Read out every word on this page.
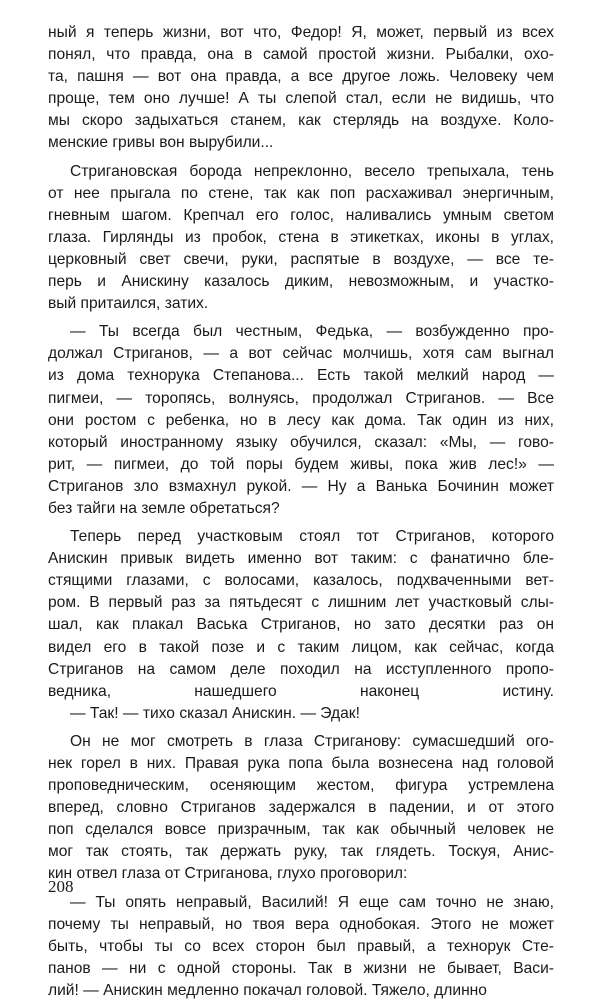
ный я теперь жизни, вот что, Федор! Я, может, первый из всех
понял, что правда, она в самой простой жизни. Рыбалки, охо-
та, пашня — вот она правда, а все другое ложь. Человеку чем
проще, тем оно лучше! А ты слепой стал, если не видишь, что
мы скоро задыхаться станем, как стерлядь на воздухе. Коло-
менские гривы вон вырубили...
Стригановская борода непреклонно, весело трепыхала, тень
от нее прыгала по стене, так как поп расхаживал энергичным,
гневным шагом. Крепчал его голос, наливались умным светом
глаза. Гирлянды из пробок, стена в этикетках, иконы в углах,
церковный свет свечи, руки, распятые в воздухе, — все те-
перь и Анискину казалось диким, невозможным, и участко-
вый притаился, затих.
— Ты всегда был честным, Федька, — возбужденно про-
должал Стриганов, — а вот сейчас молчишь, хотя сам выгнал
из дома технорука Степанова... Есть такой мелкий народ —
пигмеи, — торопясь, волнуясь, продолжал Стриганов. — Все
они ростом с ребенка, но в лесу как дома. Так один из них,
который иностранному языку обучился, сказал: «Мы, — гово-
рит, — пигмеи, до той поры будем живы, пока жив лес!» —
Стриганов зло взмахнул рукой. — Ну а Ванька Бочинин может
без тайги на земле обретаться?
Теперь перед участковым стоял тот Стриганов, которого
Анискин привык видеть именно вот таким: с фанатично бле-
стящими глазами, с волосами, казалось, подхваченными вет-
ром. В первый раз за пятьдесят с лишним лет участковый слы-
шал, как плакал Васька Стриганов, но зато десятки раз он
видел его в такой позе и с таким лицом, как сейчас, когда
Стриганов на самом деле походил на исступленного пропо-
ведника, нашедшего наконец истину.
— Так! — тихо сказал Анискин. — Эдак!
Он не мог смотреть в глаза Стриганову: сумасшедший ого-
нек горел в них. Правая рука попа была вознесена над головой
проповедническим, осеняющим жестом, фигура устремлена
вперед, словно Стриганов задержался в падении, и от этого
поп сделался вовсе призрачным, так как обычный человек не
мог так стоять, так держать руку, так глядеть. Тоскуя, Анис-
кин отвел глаза от Стриганова, глухо проговорил:
— Ты опять неправый, Василий! Я еще сам точно не знаю,
почему ты неправый, но твоя вера однобокая. Этого не может
быть, чтобы ты со всех сторон был правый, а технорук Сте-
панов — ни с одной стороны. Так в жизни не бывает, Васи-
лий! — Анискин медленно покачал головой. Тяжело, длинно
208
